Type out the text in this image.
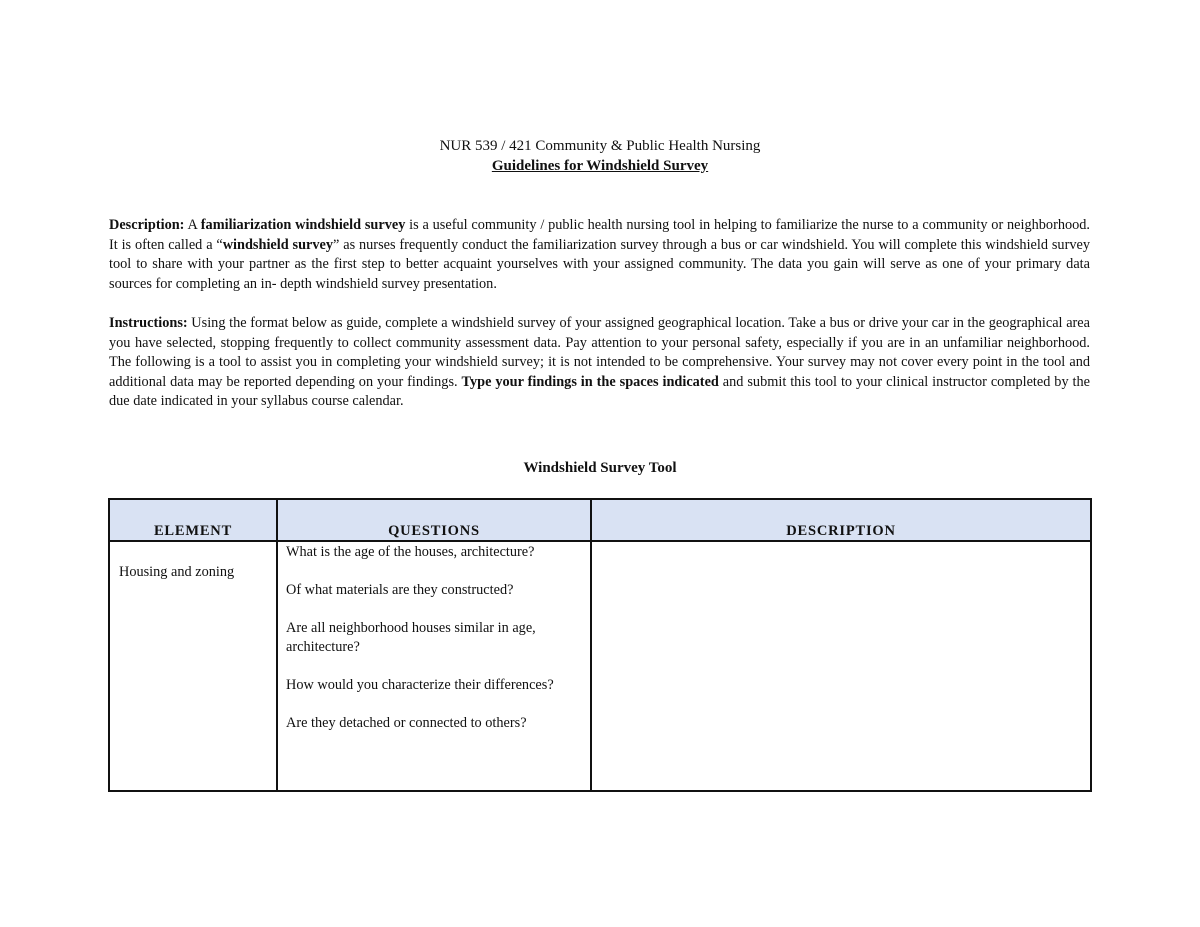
NUR 539 / 421 Community & Public Health Nursing
Guidelines for Windshield Survey
Description: A familiarization windshield survey is a useful community / public health nursing tool in helping to familiarize the nurse to a community or neighborhood. It is often called a “windshield survey” as nurses frequently conduct the familiarization survey through a bus or car windshield. You will complete this windshield survey tool to share with your partner as the first step to better acquaint yourselves with your assigned community. The data you gain will serve as one of your primary data sources for completing an in- depth windshield survey presentation.
Instructions: Using the format below as guide, complete a windshield survey of your assigned geographical location. Take a bus or drive your car in the geographical area you have selected, stopping frequently to collect community assessment data. Pay attention to your personal safety, especially if you are in an unfamiliar neighborhood. The following is a tool to assist you in completing your windshield survey; it is not intended to be comprehensive. Your survey may not cover every point in the tool and additional data may be reported depending on your findings. Type your findings in the spaces indicated and submit this tool to your clinical instructor completed by the due date indicated in your syllabus course calendar.
Windshield Survey Tool
ELEMENT	QUESTIONS	DESCRIPTION
Housing and zoning	What is the age of the houses, architecture?
Of what materials are they constructed?
Are all neighborhood houses similar in age, architecture?
How would you characterize their differences?
Are they detached or connected to others?	
